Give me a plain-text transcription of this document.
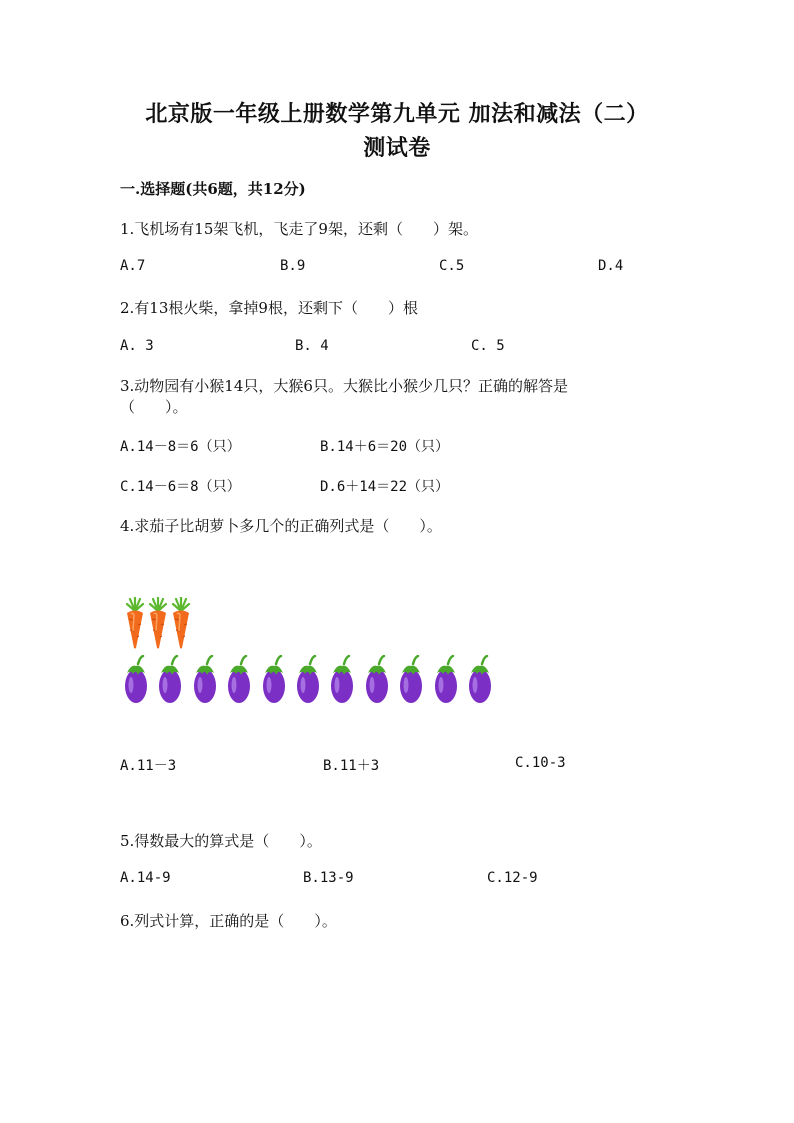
北京版一年级上册数学第九单元 加法和减法（二）
测试卷
一.选择题(共6题，共12分)
1.飞机场有15架飞机，飞走了9架，还剩（　　）架。
A.7	B.9	C.5	D.4
2.有13根火柴，拿掉9根，还剩下（　　）根
A. 3	B. 4	C. 5
3.动物园有小猴14只，大猴6只。大猴比小猴少几只？正确的解答是
（　　）。
A.14－8＝6（只）	B.14＋6＝20（只）
C.14－6＝8（只）	D.6＋14＝22（只）
4.求茄子比胡萝卜多几个的正确列式是（　　）。
A.11－3	B.11＋3	C.10-3
5.得数最大的算式是（　　）。
A.14-9	B.13-9	C.12-9
6.列式计算，正确的是（　　）。
